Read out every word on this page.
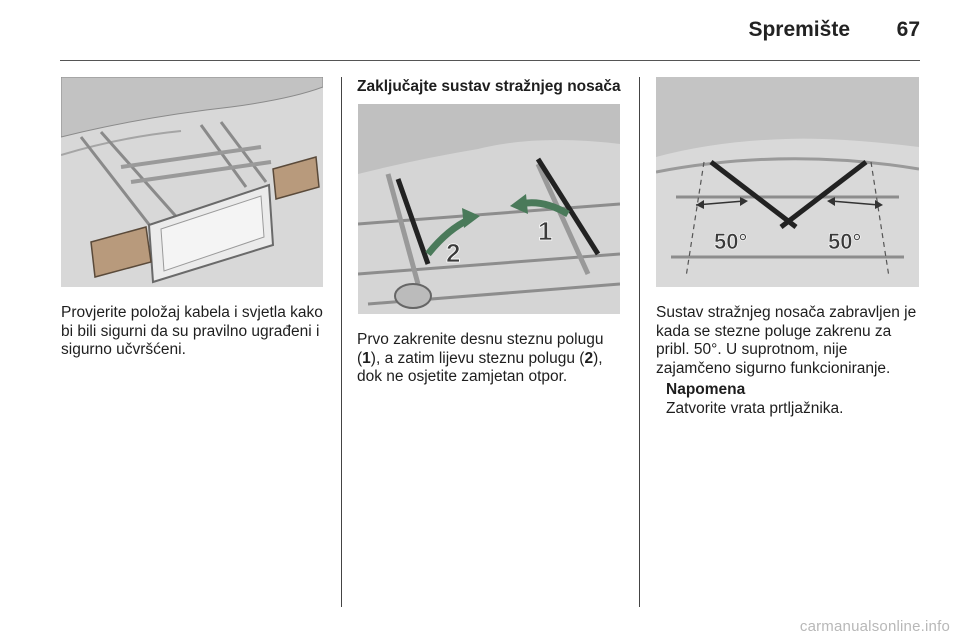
Spremište	67
Provjerite položaj kabela i svjetla kako bi bili sigurni da su pravilno ugrađeni i sigurno učvršćeni.
Zaključajte sustav stražnjeg nosača
1
2
Prvo zakrenite desnu steznu polugu (1), a zatim lijevu steznu polugu (2), dok ne osjetite zamjetan otpor.
50°	50°
Sustav stražnjeg nosača zabravljen je kada se stezne poluge zakrenu za pribl. 50°. U suprotnom, nije zajamčeno sigurno funkcioniranje.
Napomena
Zatvorite vrata prtljažnika.
carmanualsonline.info
